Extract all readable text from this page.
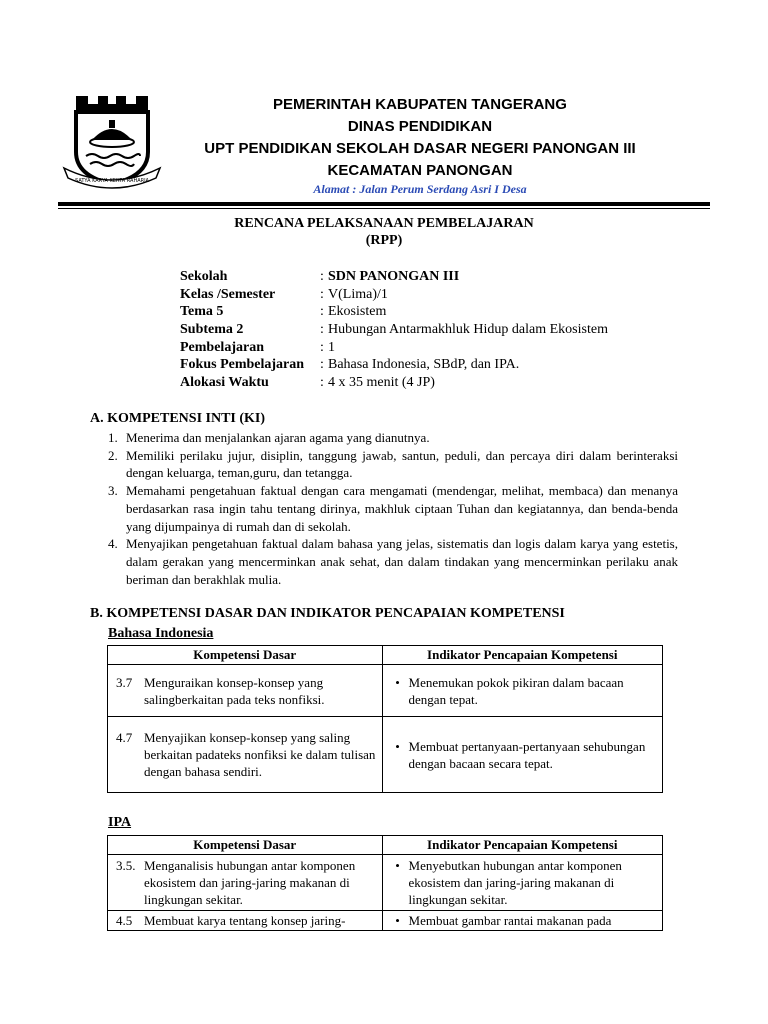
SATYA KARYA KERTA RAHARJA
PEMERINTAH KABUPATEN TANGERANG
DINAS PENDIDIKAN
UPT PENDIDIKAN SEKOLAH DASAR NEGERI PANONGAN III
KECAMATAN PANONGAN
Alamat : Jalan Perum Serdang Asri I Desa
RENCANA PELAKSANAAN PEMBELAJARAN
(RPP)
Sekolah	: SDN PANONGAN III
Kelas /Semester	: V(Lima)/1
Tema 5	: Ekosistem
Subtema 2	: Hubungan Antarmakhluk Hidup dalam Ekosistem
Pembelajaran	: 1
Fokus Pembelajaran : Bahasa Indonesia, SBdP, dan IPA.
Alokasi Waktu	: 4 x 35 menit (4 JP)
A. KOMPETENSI INTI (KI)
1. Menerima dan menjalankan ajaran agama yang dianutnya.
2. Memiliki perilaku jujur, disiplin, tanggung jawab, santun, peduli, dan percaya diri dalam berinteraksi dengan keluarga, teman,guru, dan tetangga.
3. Memahami pengetahuan faktual dengan cara mengamati (mendengar, melihat, membaca) dan menanya berdasarkan rasa ingin tahu tentang dirinya, makhluk ciptaan Tuhan dan kegiatannya, dan benda-benda yang dijumpainya di rumah dan di sekolah.
4. Menyajikan pengetahuan faktual dalam bahasa yang jelas, sistematis dan logis dalam karya yang estetis, dalam gerakan yang mencerminkan anak sehat, dan dalam tindakan yang mencerminkan perilaku anak beriman dan berakhlak mulia.
B. KOMPETENSI DASAR DAN INDIKATOR PENCAPAIAN KOMPETENSI
Bahasa Indonesia
Kompetensi Dasar	Indikator Pencapaian Kompetensi

3.7 Menguraikan konsep-konsep yang salingberkaitan pada teks nonfiksi.	• Menemukan pokok pikiran dalam bacaan dengan tepat.

4.7 Menyajikan konsep-konsep yang saling berkaitan padateks nonfiksi ke dalam tulisan dengan bahasa sendiri.	• Membuat pertanyaan-pertanyaan sehubungan dengan bacaan secara tepat.
IPA
Kompetensi Dasar	Indikator Pencapaian Kompetensi

3.5. Menganalisis hubungan antar komponen ekosistem dan jaring-jaring makanan di lingkungan sekitar.	• Menyebutkan hubungan antar komponen ekosistem dan jaring-jaring makanan di lingkungan sekitar.

4.5 Membuat karya tentang konsep jaring-	• Membuat gambar rantai makanan pada
